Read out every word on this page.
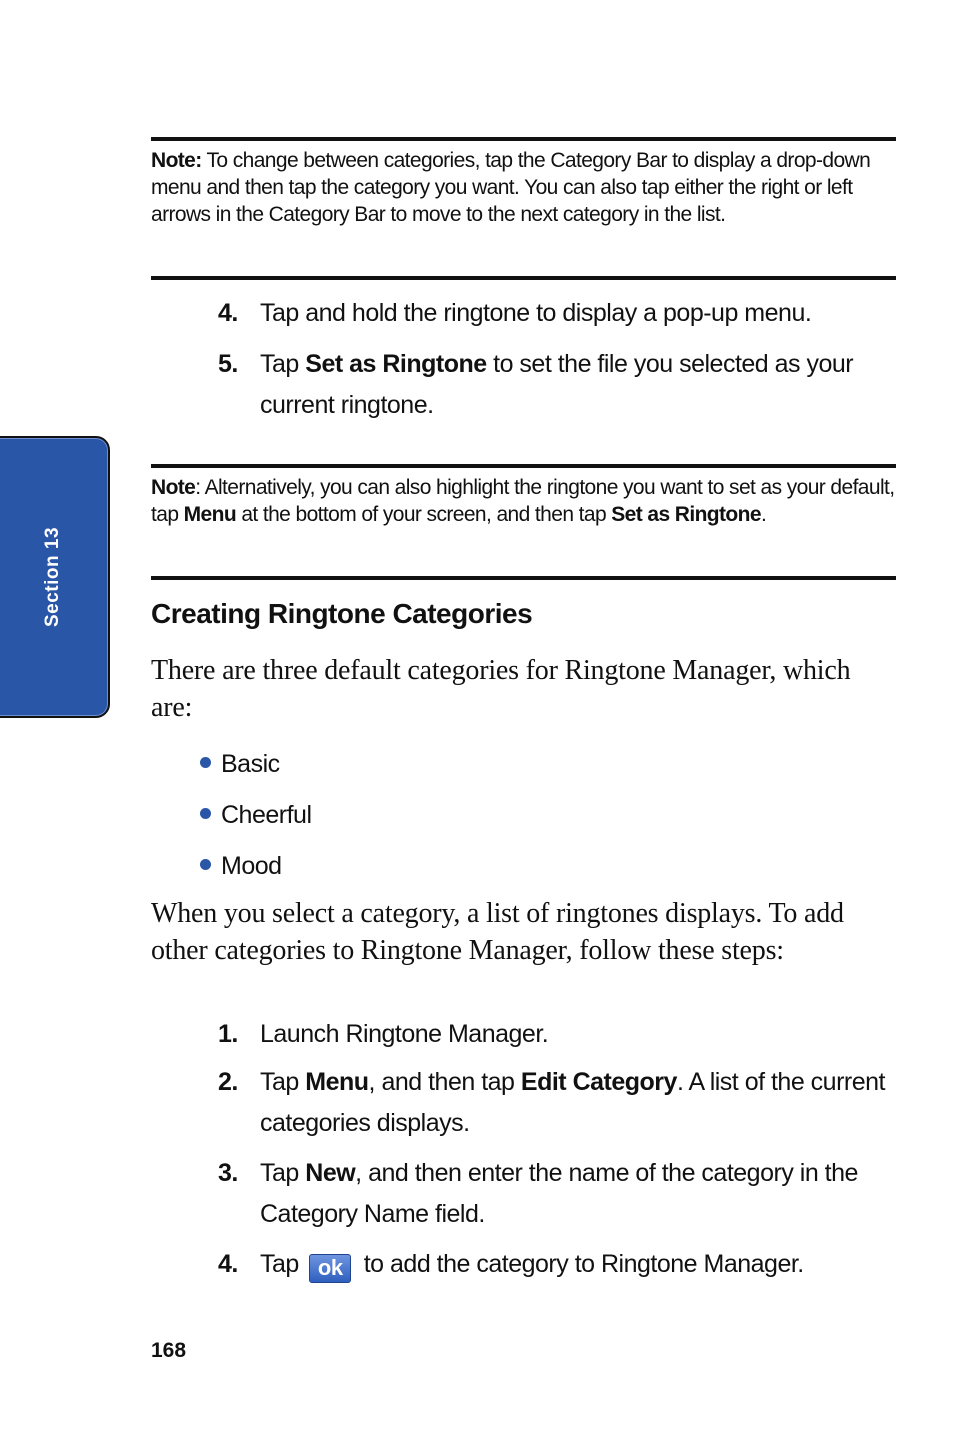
Section 13
Note: To change between categories, tap the Category Bar to display a drop-down menu and then tap the category you want. You can also tap either the right or left arrows in the Category Bar to move to the next category in the list.
4. Tap and hold the ringtone to display a pop-up menu.
5. Tap Set as Ringtone to set the file you selected as your current ringtone.
Note: Alternatively, you can also highlight the ringtone you want to set as your default, tap Menu at the bottom of your screen, and then tap Set as Ringtone.
Creating Ringtone Categories
There are three default categories for Ringtone Manager, which are:
Basic
Cheerful
Mood
When you select a category, a list of ringtones displays. To add other categories to Ringtone Manager, follow these steps:
1. Launch Ringtone Manager.
2. Tap Menu, and then tap Edit Category. A list of the current categories displays.
3. Tap New, and then enter the name of the category in the Category Name field.
4. Tap ok to add the category to Ringtone Manager.
168
